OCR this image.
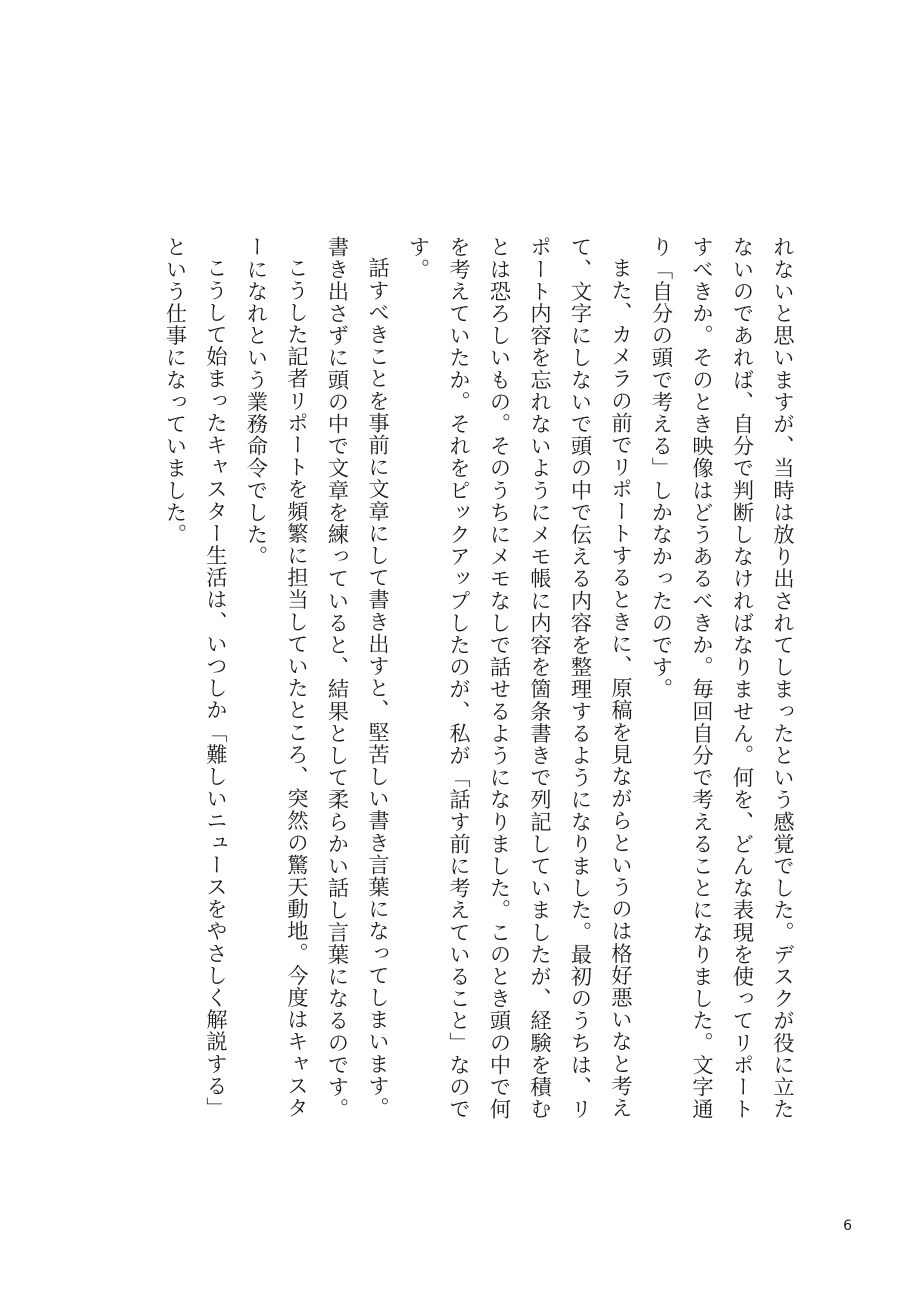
れないと思いますが、当時は放り出されてしまったという感覚でした。デスクが役に立たないのであれば、自分で判断しなければなりません。何を、どんな表現を使ってリポートすべきか。そのとき映像はどうあるべきか。毎回自分で考えることになりました。文字通り「自分の頭で考える」しかなかったのです。

また、カメラの前でリポートするときに、原稿を見ながらというのは格好悪いなと考えて、文字にしないで頭の中で伝える内容を整理するようになりました。最初のうちは、リポート内容を忘れないようにメモ帳に内容を箇条書きで列記していましたが、経験を積むとは恐ろしいもの。そのうちにメモなしで話せるようになりました。このとき頭の中で何を考えていたか。それをピックアップしたのが、私が「話す前に考えていること」なのです。

話すべきことを事前に文章にして書き出すと、堅苦しい書き言葉になってしまいます。書き出さずに頭の中で文章を練っていると、結果として柔らかい話し言葉になるのです。

こうした記者リポートを頻繁に担当していたところ、突然の驚天動地。今度はキャスターになれという業務命令でした。

こうして始まったキャスター生活は、いつしか「難しいニュースをやさしく解説する」という仕事になっていました。

6
